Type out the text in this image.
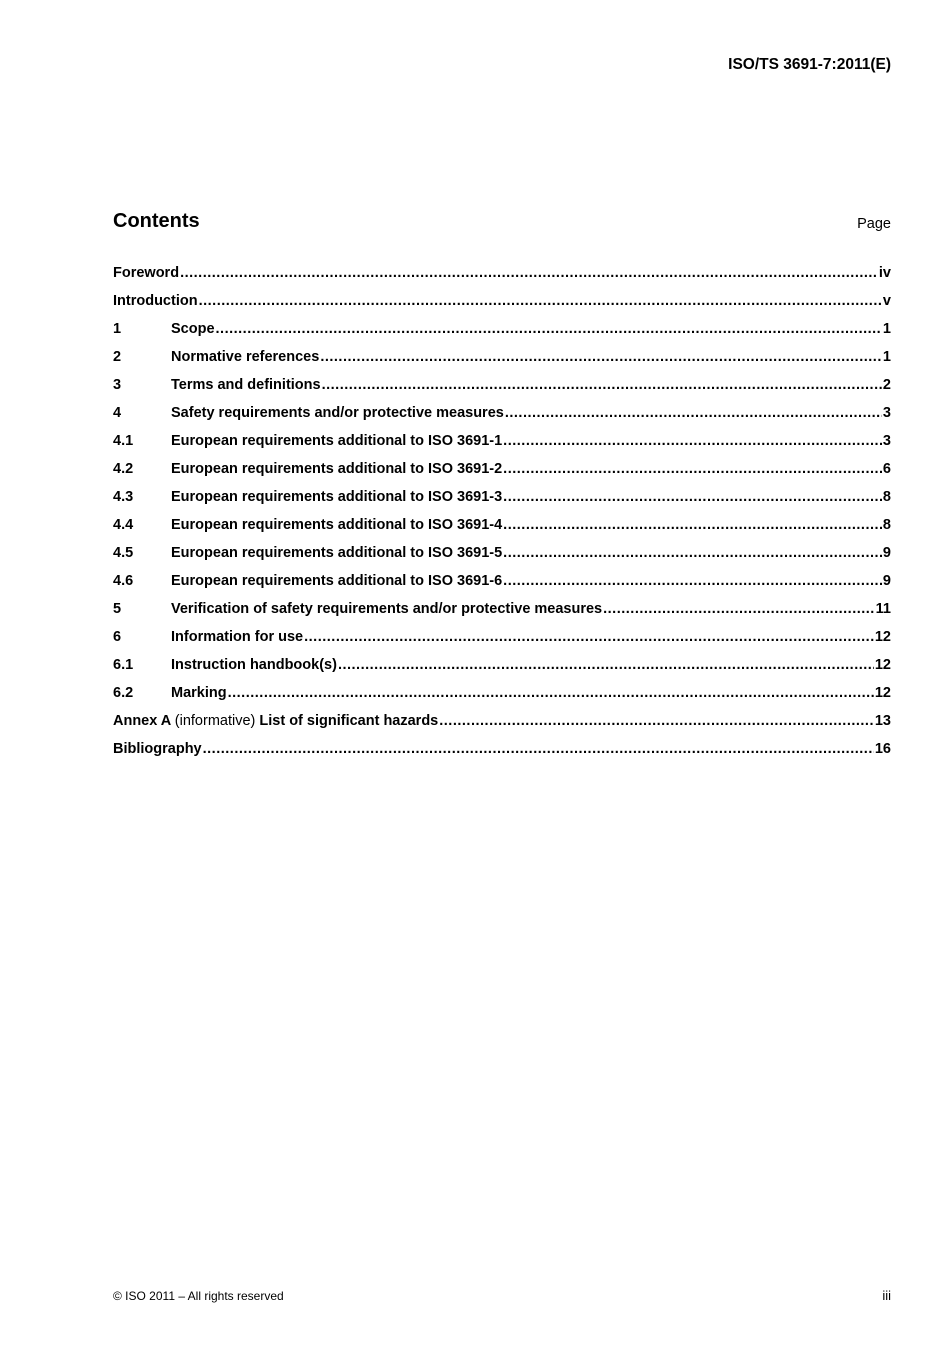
ISO/TS 3691-7:2011(E)
Contents	Page
Foreword .....	iv
Introduction .....	v
1	Scope .....	1
2	Normative references .....	1
3	Terms and definitions .....	2
4	Safety requirements and/or protective measures .....	3
4.1	European requirements additional to ISO 3691-1 .....	3
4.2	European requirements additional to ISO 3691-2 .....	6
4.3	European requirements additional to ISO 3691-3 .....	8
4.4	European requirements additional to ISO 3691-4 .....	8
4.5	European requirements additional to ISO 3691-5 .....	9
4.6	European requirements additional to ISO 3691-6 .....	9
5	Verification of safety requirements and/or protective measures .....	11
6	Information for use .....	12
6.1	Instruction handbook(s) .....	12
6.2	Marking .....	12
Annex A (informative) List of significant hazards .....	13
Bibliography .....	16
© ISO 2011 – All rights reserved	iii
